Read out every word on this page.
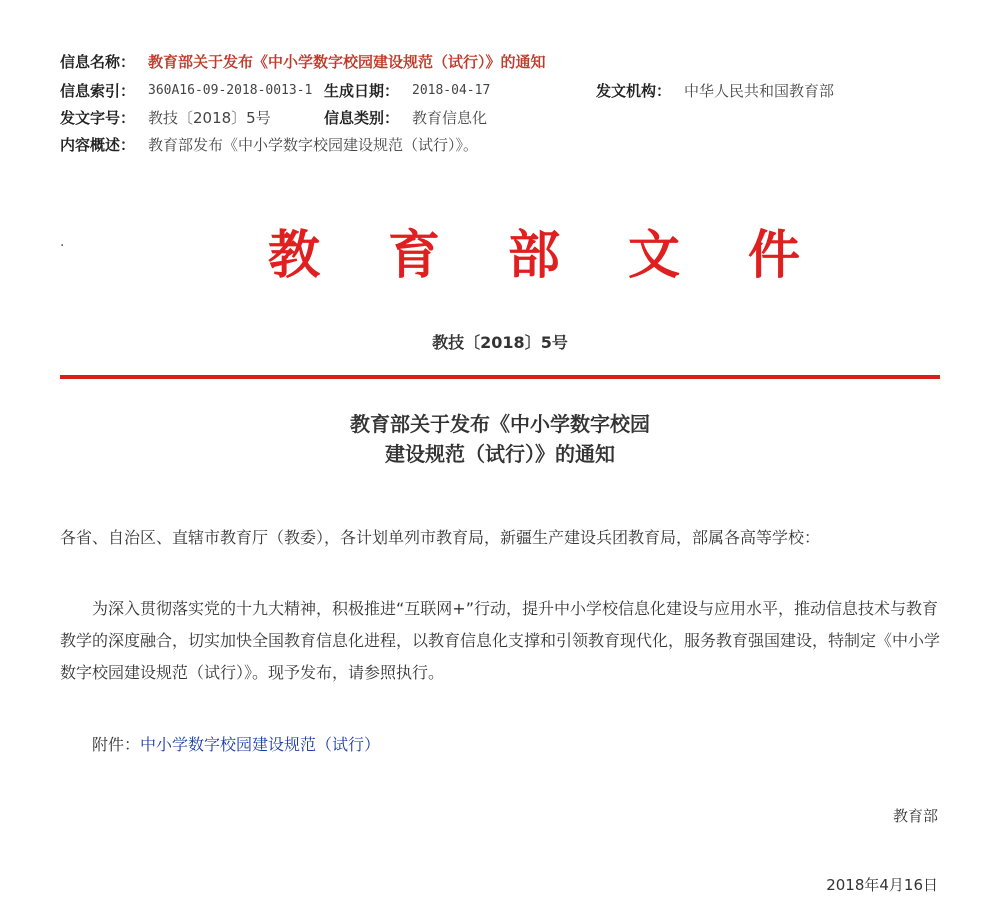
信息名称： 教育部关于发布《中小学数字校园建设规范（试行）》的通知
信息索引： 360A16-09-2018-0013-1 生成日期： 2018-04-17	发文机构： 中华人民共和国教育部
发文字号： 教技〔2018〕5号	信息类别： 教育信息化
内容概述： 教育部发布《中小学数字校园建设规范（试行）》。
.	教育部文件
教技〔2018〕5号
教育部关于发布《中小学数字校园
建设规范（试行）》的通知
各省、自治区、直辖市教育厅（教委），各计划单列市教育局，新疆生产建设兵团教育局，部属各高等学校：
为深入贯彻落实党的十九大精神，积极推进“互联网+”行动，提升中小学校信息化建设与应用水平，推动信息技术与教育教学的深度融合，切实加快全国教育信息化进程，以教育信息化支撑和引领教育现代化，服务教育强国建设，特制定《中小学数字校园建设规范（试行）》。现予发布，请参照执行。
附件：中小学数字校园建设规范（试行）
教育部
2018年4月16日
